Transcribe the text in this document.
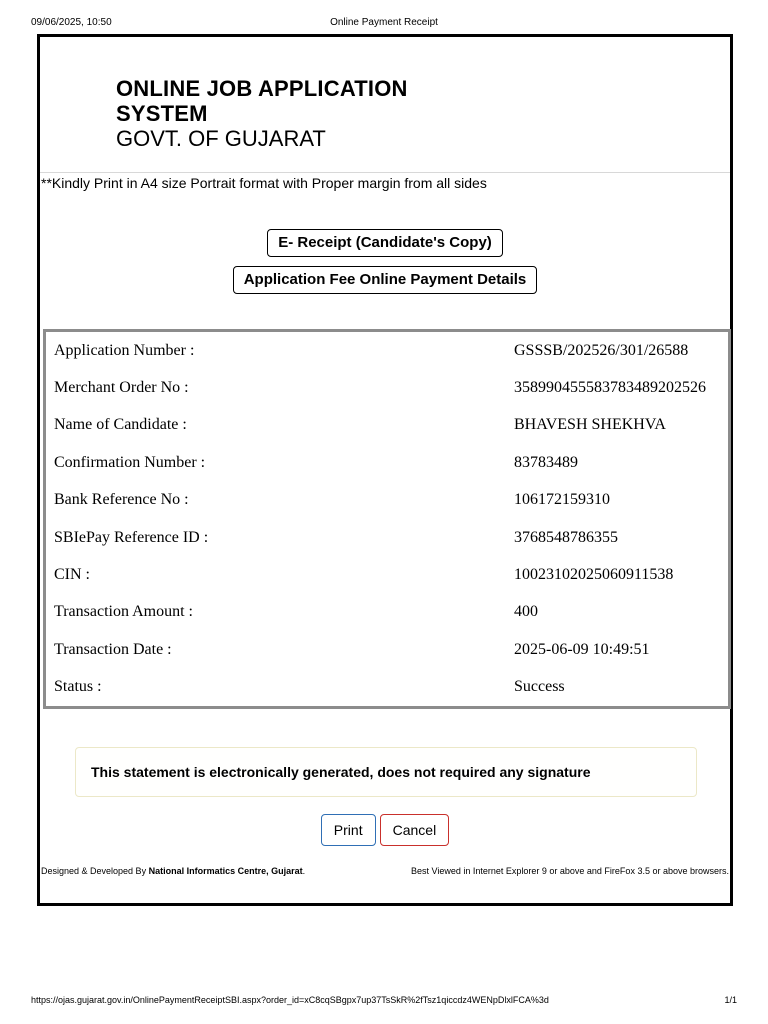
09/06/2025, 10:50	Online Payment Receipt
ONLINE JOB APPLICATION
SYSTEM
GOVT. OF GUJARAT
**Kindly Print in A4 size Portrait format with Proper margin from all sides
E- Receipt (Candidate's Copy)
Application Fee Online Payment Details
Application Number :	GSSSB/202526/301/26588
Merchant Order No :	3589904555837834892025​26
Name of Candidate :	BHAVESH SHEKHVA
Confirmation Number :	83783489
Bank Reference No :	106172159310
SBIePay Reference ID :	3768548786355
CIN :	10023102025060911538
Transaction Amount :	400
Transaction Date :	2025-06-09 10:49:51
Status :	Success
This statement is electronically generated, does not required any signature
Print Cancel
Designed & Developed By National Informatics Centre, Gujarat.	Best Viewed in Internet Explorer 9 or above and FireFox 3.5 or above browsers.
https://ojas.gujarat.gov.in/OnlinePaymentReceiptSBI.aspx?order_id=xC8cqSBgpx7up37TsSkR%2fTsz1qiccdz4WENpDlxlFCA%3d	1/1
